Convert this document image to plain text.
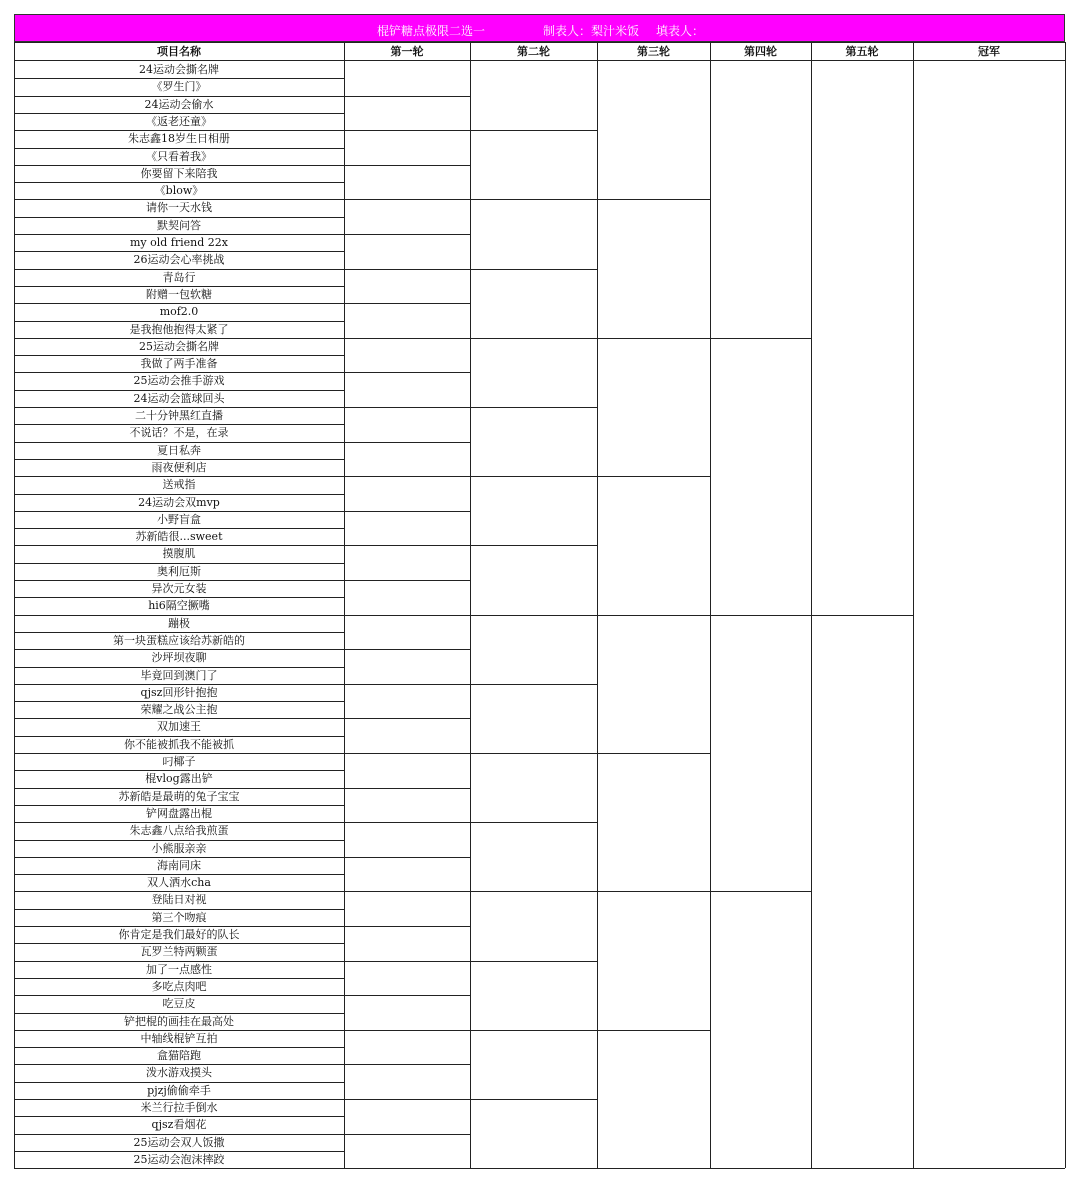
棍铲糖点极限二选一	制表人：梨汁米饭 填表人：
项目名称	第一轮	第二轮	第三轮	第四轮	第五轮	冠军
24运动会撕名牌
《罗生门》
24运动会偷水
《返老还童》
朱志鑫18岁生日相册
《只看着我》
你要留下来陪我
《blow》
请你一天水钱
默契问答
my old friend 22x
26运动会心率挑战
青岛行
附赠一包软糖
mof2.0
是我抱他抱得太紧了
25运动会撕名牌
我做了两手准备
25运动会推手游戏
24运动会篮球回头
二十分钟黑红直播
不说话？不是，在录
夏日私奔
雨夜便利店
送戒指
24运动会双mvp
小野盲盒
苏新皓很...sweet
摸腹肌
奥利厄斯
异次元女装
hi6隔空撅嘴
蹦极
第一块蛋糕应该给苏新皓的
沙坪坝夜聊
毕竟回到澳门了
qjsz回形针抱抱
荣耀之战公主抱
双加速王
你不能被抓我不能被抓
叼椰子
棍vlog露出铲
苏新皓是最萌的兔子宝宝
铲网盘露出棍
朱志鑫八点给我煎蛋
小熊服亲亲
海南同床
双人洒水cha
登陆日对视
第三个吻痕
你肯定是我们最好的队长
瓦罗兰特两颗蛋
加了一点感性
多吃点肉吧
吃豆皮
铲把棍的画挂在最高处
中轴线棍铲互拍
盒猫陪跑
泼水游戏摸头
pjzj偷偷牵手
米兰行拉手倒水
qjsz看烟花
25运动会双人饭撒
25运动会泡沫摔跤
